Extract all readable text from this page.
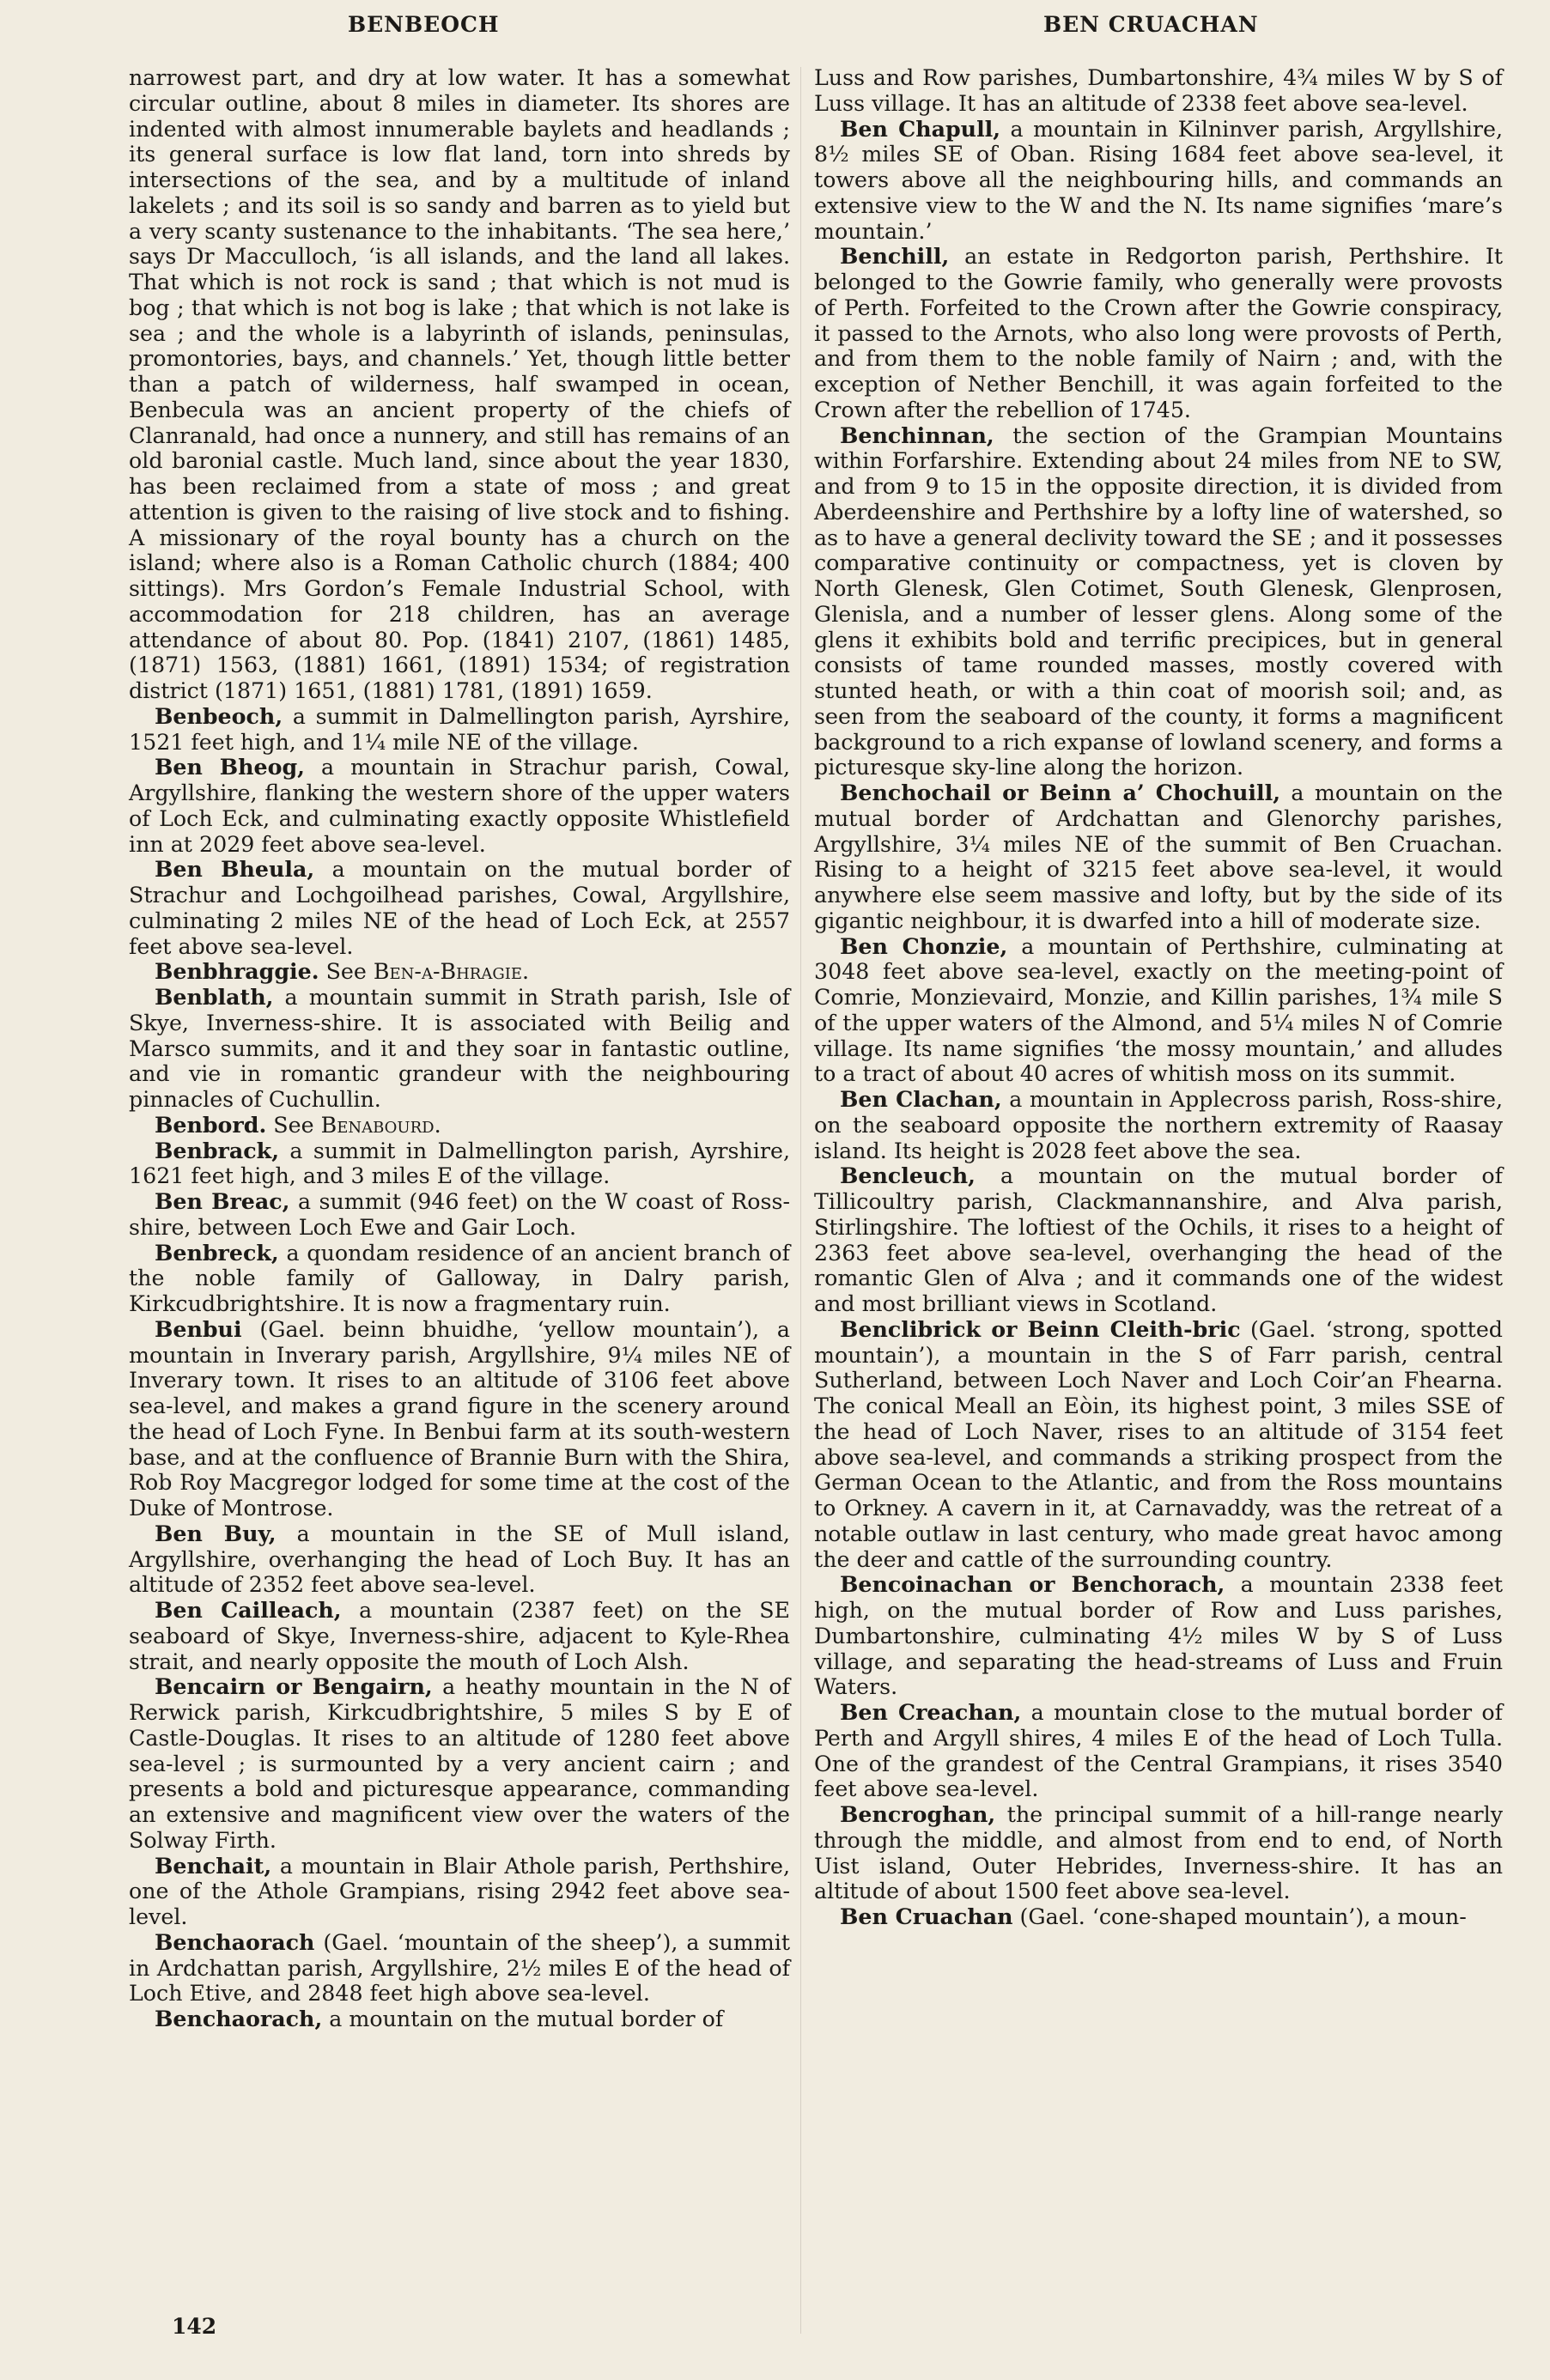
BENBEOCH	BEN CRUACHAN

narrowest part, and dry at low water. It has a somewhat circular outline, about 8 miles in diameter. Its shores are indented with almost innumerable baylets and headlands ; its general surface is low flat land, torn into shreds by intersections of the sea, and by a multitude of inland lakelets ; and its soil is so sandy and barren as to yield but a very scanty sustenance to the inhabitants. ‘The sea here,’ says Dr Macculloch, ‘is all islands, and the land all lakes. That which is not rock is sand ; that which is not mud is bog ; that which is not bog is lake ; that which is not lake is sea ; and the whole is a labyrinth of islands, peninsulas, promontories, bays, and channels.’ Yet, though little better than a patch of wilderness, half swamped in ocean, Benbecula was an ancient property of the chiefs of Clanranald, had once a nunnery, and still has remains of an old baronial castle. Much land, since about the year 1830, has been reclaimed from a state of moss ; and great attention is given to the raising of live stock and to fishing. A missionary of the royal bounty has a church on the island; where also is a Roman Catholic church (1884; 400 sittings). Mrs Gordon’s Female Industrial School, with accommodation for 218 children, has an average attendance of about 80. Pop. (1841) 2107, (1861) 1485, (1871) 1563, (1881) 1661, (1891) 1534; of registration district (1871) 1651, (1881) 1781, (1891) 1659.

Benbeoch, a summit in Dalmellington parish, Ayrshire, 1521 feet high, and 1¼ mile NE of the village.

Ben Bheog, a mountain in Strachur parish, Cowal, Argyllshire, flanking the western shore of the upper waters of Loch Eck, and culminating exactly opposite Whistlefield inn at 2029 feet above sea-level.

Ben Bheula, a mountain on the mutual border of Strachur and Lochgoilhead parishes, Cowal, Argyllshire, culminating 2 miles NE of the head of Loch Eck, at 2557 feet above sea-level.

Benbhraggie. See Ben-a-Bhragie.

Benblath, a mountain summit in Strath parish, Isle of Skye, Inverness-shire. It is associated with Beilig and Marsco summits, and it and they soar in fantastic outline, and vie in romantic grandeur with the neighbouring pinnacles of Cuchullin.

Benbord. See Benabourd.

Benbrack, a summit in Dalmellington parish, Ayrshire, 1621 feet high, and 3 miles E of the village.

Ben Breac, a summit (946 feet) on the W coast of Ross-shire, between Loch Ewe and Gair Loch.

Benbreck, a quondam residence of an ancient branch of the noble family of Galloway, in Dalry parish, Kirkcudbrightshire. It is now a fragmentary ruin.

Benbui (Gael. beinn bhuidhe, ‘yellow mountain’), a mountain in Inverary parish, Argyllshire, 9¼ miles NE of Inverary town. It rises to an altitude of 3106 feet above sea-level, and makes a grand figure in the scenery around the head of Loch Fyne. In Benbui farm at its south-western base, and at the confluence of Brannie Burn with the Shira, Rob Roy Macgregor lodged for some time at the cost of the Duke of Montrose.

Ben Buy, a mountain in the SE of Mull island, Argyllshire, overhanging the head of Loch Buy. It has an altitude of 2352 feet above sea-level.

Ben Cailleach, a mountain (2387 feet) on the SE seaboard of Skye, Inverness-shire, adjacent to Kyle-Rhea strait, and nearly opposite the mouth of Loch Alsh.

Bencairn or Bengairn, a heathy mountain in the N of Rerwick parish, Kirkcudbrightshire, 5 miles S by E of Castle-Douglas. It rises to an altitude of 1280 feet above sea-level ; is surmounted by a very ancient cairn ; and presents a bold and picturesque appearance, commanding an extensive and magnificent view over the waters of the Solway Firth.

Benchait, a mountain in Blair Athole parish, Perthshire, one of the Athole Grampians, rising 2942 feet above sea-level.

Benchaorach (Gael. ‘mountain of the sheep’), a summit in Ardchattan parish, Argyllshire, 2½ miles E of the head of Loch Etive, and 2848 feet high above sea-level.

Benchaorach, a mountain on the mutual border of

Luss and Row parishes, Dumbartonshire, 4¾ miles W by S of Luss village. It has an altitude of 2338 feet above sea-level.

Ben Chapull, a mountain in Kilninver parish, Argyllshire, 8½ miles SE of Oban. Rising 1684 feet above sea-level, it towers above all the neighbouring hills, and commands an extensive view to the W and the N. Its name signifies ‘mare’s mountain.’

Benchill, an estate in Redgorton parish, Perthshire. It belonged to the Gowrie family, who generally were provosts of Perth. Forfeited to the Crown after the Gowrie conspiracy, it passed to the Arnots, who also long were provosts of Perth, and from them to the noble family of Nairn ; and, with the exception of Nether Benchill, it was again forfeited to the Crown after the rebellion of 1745.

Benchinnan, the section of the Grampian Mountains within Forfarshire. Extending about 24 miles from NE to SW, and from 9 to 15 in the opposite direction, it is divided from Aberdeenshire and Perthshire by a lofty line of watershed, so as to have a general declivity toward the SE ; and it possesses comparative continuity or compactness, yet is cloven by North Glenesk, Glen Cotimet, South Glenesk, Glenprosen, Glenisla, and a number of lesser glens. Along some of the glens it exhibits bold and terrific precipices, but in general consists of tame rounded masses, mostly covered with stunted heath, or with a thin coat of moorish soil; and, as seen from the seaboard of the county, it forms a magnificent background to a rich expanse of lowland scenery, and forms a picturesque sky-line along the horizon.

Benchochail or Beinn a’ Chochuill, a mountain on the mutual border of Ardchattan and Glenorchy parishes, Argyllshire, 3¼ miles NE of the summit of Ben Cruachan. Rising to a height of 3215 feet above sea-level, it would anywhere else seem massive and lofty, but by the side of its gigantic neighbour, it is dwarfed into a hill of moderate size.

Ben Chonzie, a mountain of Perthshire, culminating at 3048 feet above sea-level, exactly on the meeting-point of Comrie, Monzievaird, Monzie, and Killin parishes, 1¾ mile S of the upper waters of the Almond, and 5¼ miles N of Comrie village. Its name signifies ‘the mossy mountain,’ and alludes to a tract of about 40 acres of whitish moss on its summit.

Ben Clachan, a mountain in Applecross parish, Ross-shire, on the seaboard opposite the northern extremity of Raasay island. Its height is 2028 feet above the sea.

Bencleuch, a mountain on the mutual border of Tillicoultry parish, Clackmannanshire, and Alva parish, Stirlingshire. The loftiest of the Ochils, it rises to a height of 2363 feet above sea-level, overhanging the head of the romantic Glen of Alva ; and it commands one of the widest and most brilliant views in Scotland.

Benclibrick or Beinn Cleith-bric (Gael. ‘strong, spotted mountain’), a mountain in the S of Farr parish, central Sutherland, between Loch Naver and Loch Coir’an Fhearna. The conical Meall an Eòin, its highest point, 3 miles SSE of the head of Loch Naver, rises to an altitude of 3154 feet above sea-level, and commands a striking prospect from the German Ocean to the Atlantic, and from the Ross mountains to Orkney. A cavern in it, at Carnavaddy, was the retreat of a notable outlaw in last century, who made great havoc among the deer and cattle of the surrounding country.

Bencoinachan or Benchorach, a mountain 2338 feet high, on the mutual border of Row and Luss parishes, Dumbartonshire, culminating 4½ miles W by S of Luss village, and separating the head-streams of Luss and Fruin Waters.

Ben Creachan, a mountain close to the mutual border of Perth and Argyll shires, 4 miles E of the head of Loch Tulla. One of the grandest of the Central Grampians, it rises 3540 feet above sea-level.

Bencroghan, the principal summit of a hill-range nearly through the middle, and almost from end to end, of North Uist island, Outer Hebrides, Inverness-shire. It has an altitude of about 1500 feet above sea-level.

Ben Cruachan (Gael. ‘cone-shaped mountain’), a moun-

142
